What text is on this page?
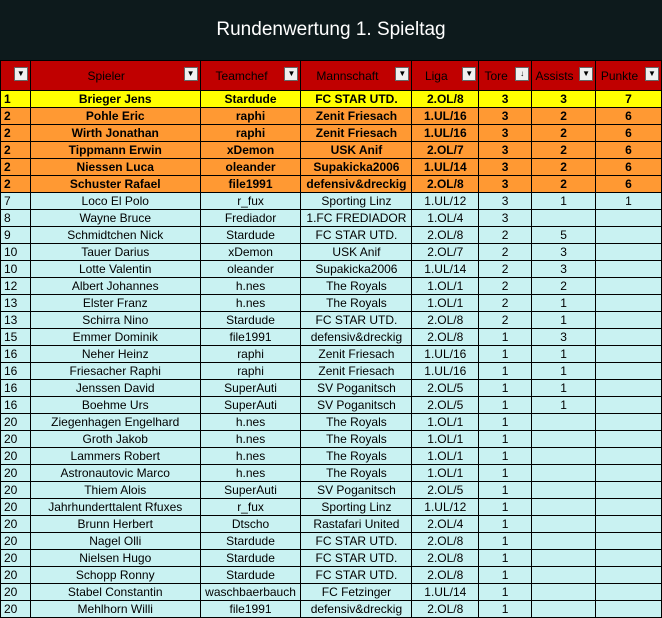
Rundenwertung 1. Spieltag
▼	Spieler ▼	Teamchef ▼	Mannschaft ▼	Liga ▼	Tore ↓	Assists ▼	Punkte ▼

1	Brieger Jens	Stardude	FC STAR UTD.	2.OL/8	3	3	7
2	Pohle Eric	raphi	Zenit Friesach	1.UL/16	3	2	6
2	Wirth Jonathan	raphi	Zenit Friesach	1.UL/16	3	2	6
2	Tippmann Erwin	xDemon	USK Anif	2.OL/7	3	2	6
2	Niessen Luca	oleander	Supakicka2006	1.UL/14	3	2	6
2	Schuster Rafael	file1991	defensiv&dreckig	2.OL/8	3	2	6
7	Loco El Polo	r_fux	Sporting Linz	1.UL/12	3	1	1
8	Wayne Bruce	Frediador	1.FC FREDIADOR	1.OL/4	3		
9	Schmidtchen Nick	Stardude	FC STAR UTD.	2.OL/8	2	5	
10	Tauer Darius	xDemon	USK Anif	2.OL/7	2	3	
10	Lotte Valentin	oleander	Supakicka2006	1.UL/14	2	3	
12	Albert Johannes	h.nes	The Royals	1.OL/1	2	2	
13	Elster Franz	h.nes	The Royals	1.OL/1	2	1	
13	Schirra Nino	Stardude	FC STAR UTD.	2.OL/8	2	1	
15	Emmer Dominik	file1991	defensiv&dreckig	2.OL/8	1	3	
16	Neher Heinz	raphi	Zenit Friesach	1.UL/16	1	1	
16	Friesacher Raphi	raphi	Zenit Friesach	1.UL/16	1	1	
16	Jenssen David	SuperAuti	SV Poganitsch	2.OL/5	1	1	
16	Boehme Urs	SuperAuti	SV Poganitsch	2.OL/5	1	1	
20	Ziegenhagen Engelhard	h.nes	The Royals	1.OL/1	1		
20	Groth Jakob	h.nes	The Royals	1.OL/1	1		
20	Lammers Robert	h.nes	The Royals	1.OL/1	1		
20	Astronautovic Marco	h.nes	The Royals	1.OL/1	1		
20	Thiem Alois	SuperAuti	SV Poganitsch	2.OL/5	1		
20	Jahrhunderttalent Rfuxes	r_fux	Sporting Linz	1.UL/12	1		
20	Brunn Herbert	Dtscho	Rastafari United	2.OL/4	1		
20	Nagel Olli	Stardude	FC STAR UTD.	2.OL/8	1		
20	Nielsen Hugo	Stardude	FC STAR UTD.	2.OL/8	1		
20	Schopp Ronny	Stardude	FC STAR UTD.	2.OL/8	1		
20	Stabel Constantin	waschbaerbauch	FC Fetzinger	1.UL/14	1		
20	Mehlhorn Willi	file1991	defensiv&dreckig	2.OL/8	1		
